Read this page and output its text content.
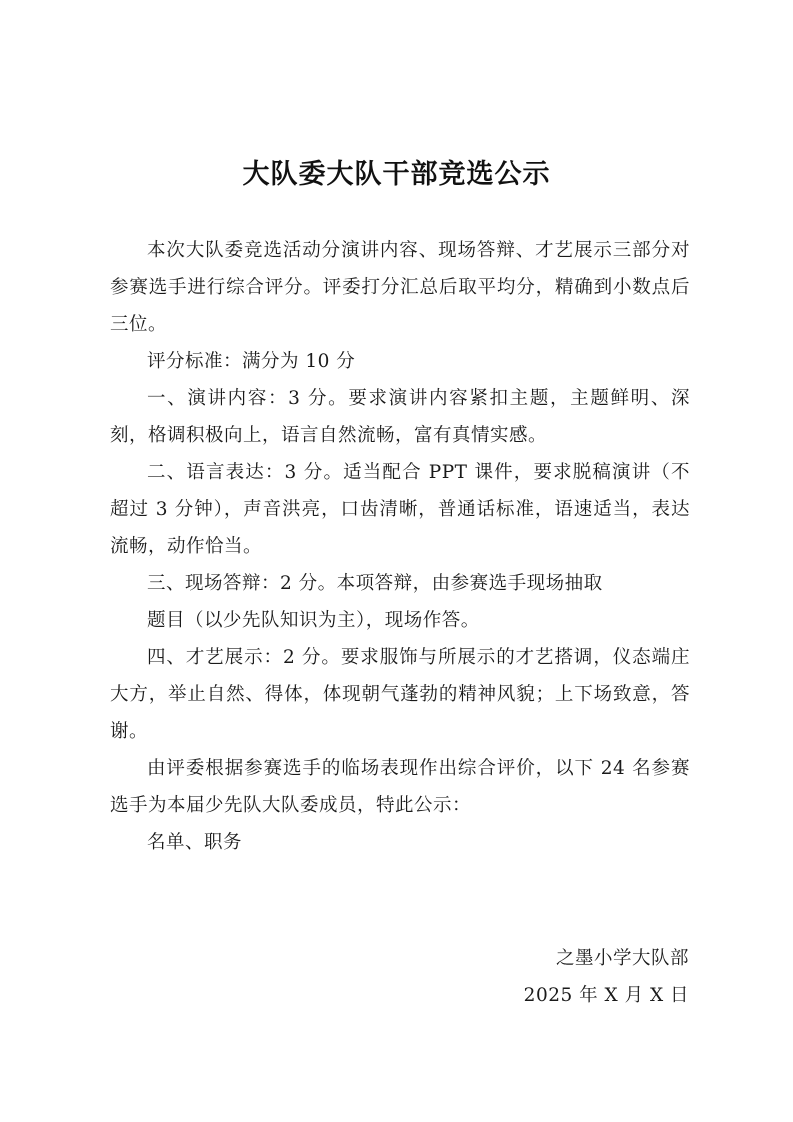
大队委大队干部竞选公示

本次大队委竞选活动分演讲内容、现场答辩、才艺展示三部分对参赛选手进行综合评分。评委打分汇总后取平均分，精确到小数点后三位。

评分标准：满分为 10 分

一、演讲内容：3 分。要求演讲内容紧扣主题，主题鲜明、深刻，格调积极向上，语言自然流畅，富有真情实感。

二、语言表达：3 分。适当配合 PPT 课件，要求脱稿演讲（不超过 3 分钟），声音洪亮，口齿清晰，普通话标准，语速适当，表达流畅，动作恰当。

三、现场答辩：2 分。本项答辩，由参赛选手现场抽取

题目（以少先队知识为主），现场作答。

四、才艺展示：2 分。要求服饰与所展示的才艺搭调，仪态端庄大方，举止自然、得体，体现朝气蓬勃的精神风貌；上下场致意，答谢。

由评委根据参赛选手的临场表现作出综合评价，以下 24 名参赛选手为本届少先队大队委成员，特此公示：

名单、职务

之墨小学大队部
2025 年 X 月 X 日
